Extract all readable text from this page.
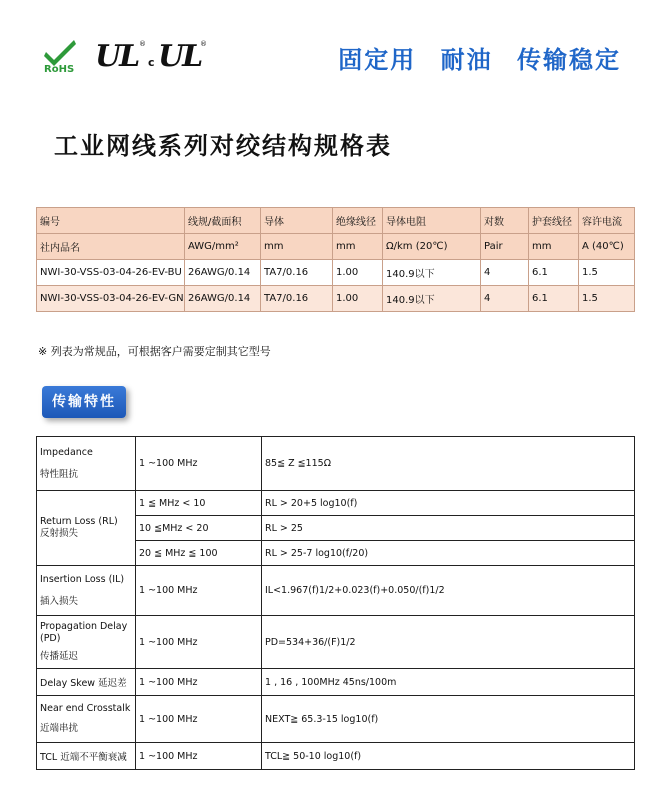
RoHS UL ®
c UL
®
固定用 耐油 传输稳定
工业网线系列对绞结构规格表
编号	线规/截面积	导体	绝缘线径	导体电阻	对数	护套线径	容许电流
社内品名	AWG/mm²	mm	mm	Ω/km (20℃)	Pair	mm	A (40℃)
NWI-30-VSS-03-04-26-EV-BU	26AWG/0.14	TA7/0.16	1.00	140.9以下	4	6.1	1.5
NWI-30-VSS-03-04-26-EV-GN	26AWG/0.14	TA7/0.16	1.00	140.9以下	4	6.1	1.5
※ 列表为常规品，可根据客户需要定制其它型号
传输特性
Impedance
特性阻抗	1 ~100 MHz	85≦ Z ≦115Ω

Return Loss (RL)
反射损失	1 ≦ MHz < 10	RL > 20+5 log10(f)
	10 ≦MHz < 20	RL > 25
	20 ≦ MHz ≦ 100	RL > 25-7 log10(f/20)

Insertion Loss (IL)
插入损失	1 ~100 MHz	IL<1.967(f)1/2+0.023(f)+0.050/(f)1/2

Propagation Delay (PD)
传播延迟	1 ~100 MHz	PD=534+36/(F)1/2
Delay Skew 延迟差	1 ~100 MHz	1 , 16 , 100MHz 45ns/100m

Near end Crosstalk
近端串扰	1 ~100 MHz	NEXT≧ 65.3-15 log10(f)
TCL 近端不平衡衰减	1 ~100 MHz	TCL≧ 50-10 log10(f)
